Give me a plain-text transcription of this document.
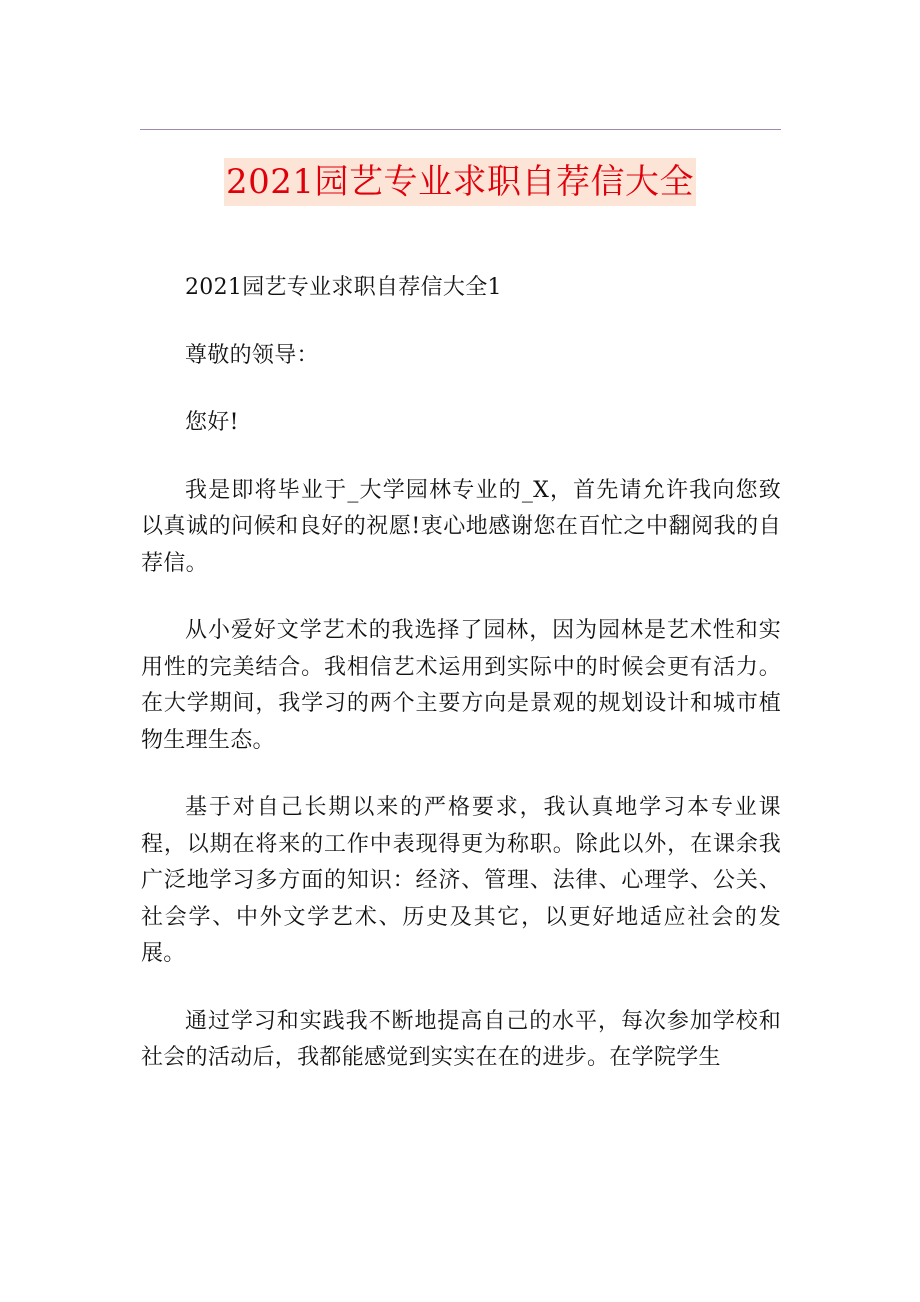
2021园艺专业求职自荐信大全

2021园艺专业求职自荐信大全1

尊敬的领导：

您好!

我是即将毕业于_大学园林专业的_X，首先请允许我向您致以真诚的问候和良好的祝愿!衷心地感谢您在百忙之中翻阅我的自荐信。

从小爱好文学艺术的我选择了园林，因为园林是艺术性和实用性的完美结合。我相信艺术运用到实际中的时候会更有活力。在大学期间，我学习的两个主要方向是景观的规划设计和城市植物生理生态。

基于对自己长期以来的严格要求，我认真地学习本专业课程，以期在将来的工作中表现得更为称职。除此以外，在课余我广泛地学习多方面的知识：经济、管理、法律、心理学、公关、社会学、中外文学艺术、历史及其它，以更好地适应社会的发展。

通过学习和实践我不断地提高自己的水平，每次参加学校和社会的活动后，我都能感觉到实实在在的进步。在学院学生
